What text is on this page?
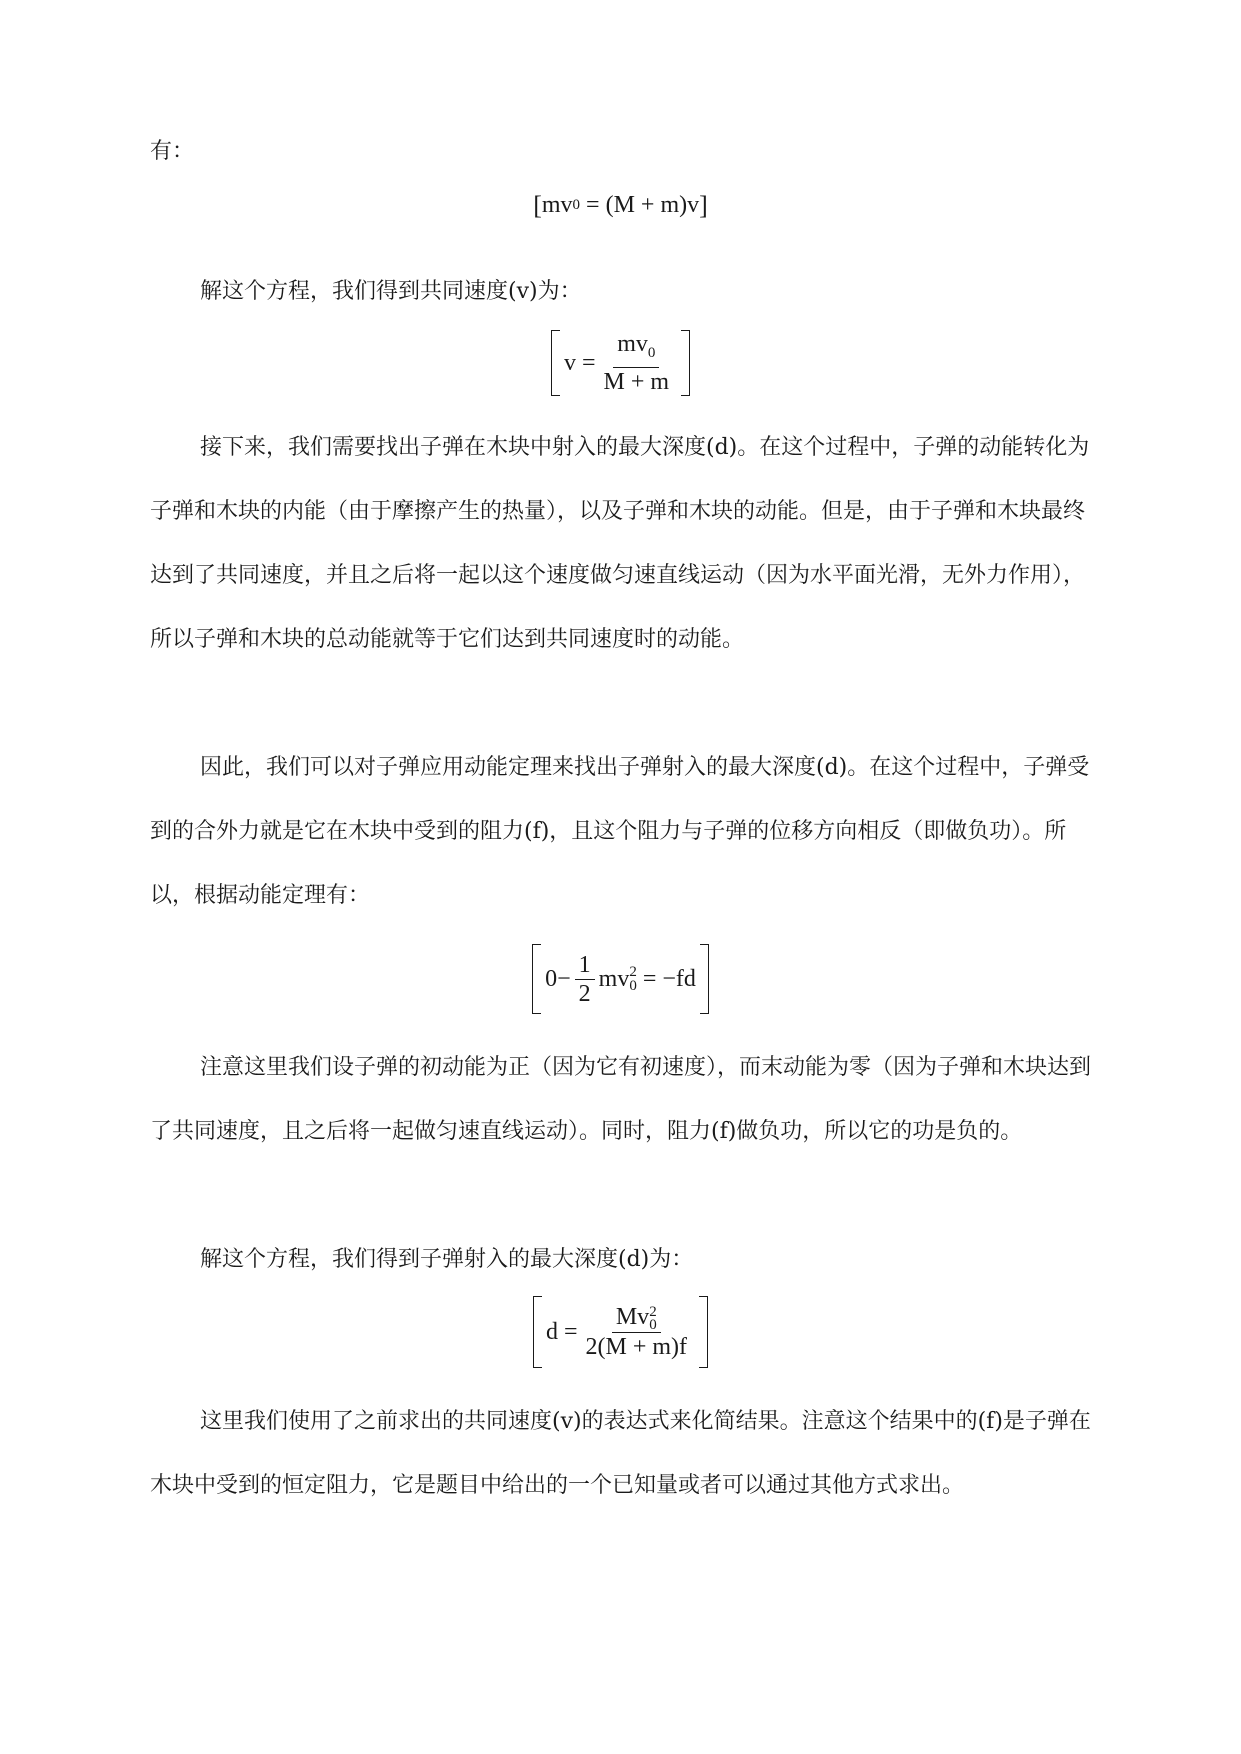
有：

[ mv 0 = (M + m)v ]

解这个方程，我们得到共同速度(v)为：

$v = \frac{mv_0}{M + m}$

接下来，我们需要找出子弹在木块中射入的最大深度(d)。在这个过程中，子弹的动能转化为子弹和木块的内能（由于摩擦产生的热量），以及子弹和木块的动能。但是，由于子弹和木块最终达到了共同速度，并且之后将一起以这个速度做匀速直线运动（因为水平面光滑，无外力作用），所以子弹和木块的总动能就等于它们达到共同速度时的动能。

因此，我们可以对子弹应用动能定理来找出子弹射入的最大深度(d)。在这个过程中，子弹受到的合外力就是它在木块中受到的阻力(f)，且这个阻力与子弹的位移方向相反（即做负功）。所以，根据动能定理有：

$0- \frac{1}{2}$ mv 2
0 = −fd

注意这里我们设子弹的初动能为正（因为它有初速度），而末动能为零（因为子弹和木块达到了共同速度，且之后将一起做匀速直线运动）。同时，阻力(f)做负功，所以它的功是负的。

解这个方程，我们得到子弹射入的最大深度(d)为：

d = Mv 2
0
2(M + m)f

这里我们使用了之前求出的共同速度(v)的表达式来化简结果。注意这个结果中的(f)是子弹在木块中受到的恒定阻力，它是题目中给出的一个已知量或者可以通过其他方式求出。
